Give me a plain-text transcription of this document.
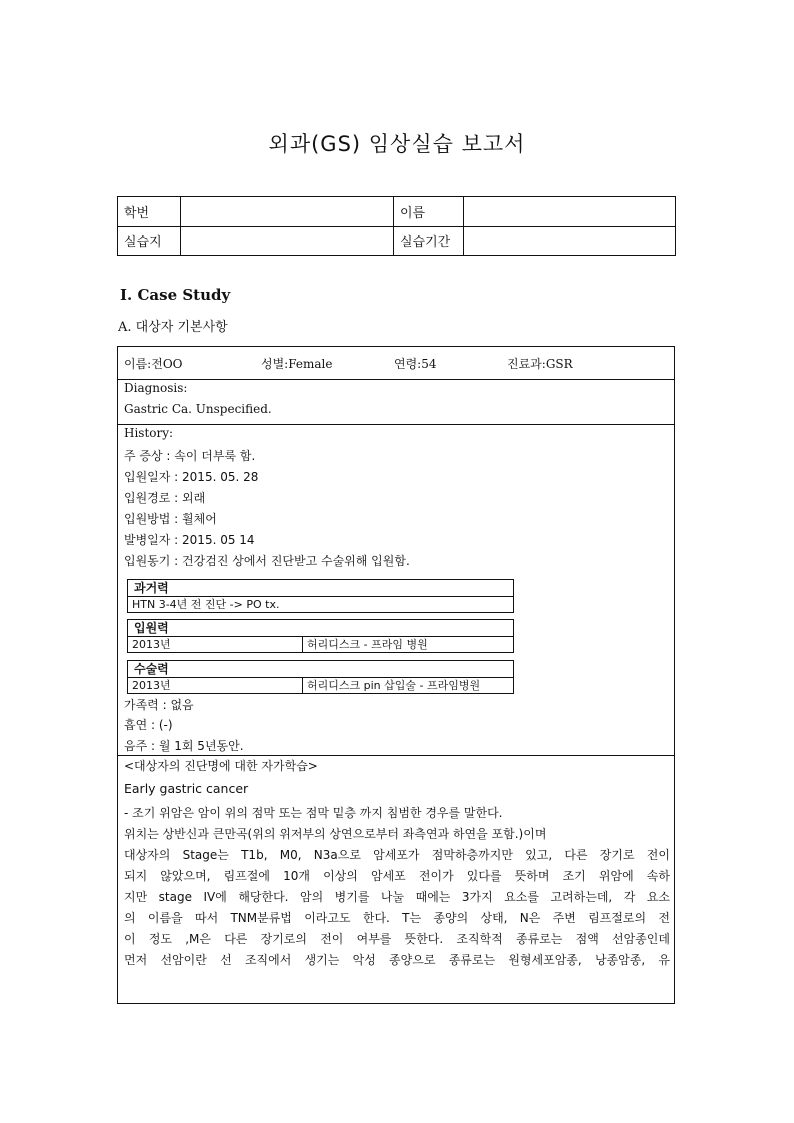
외과(GS) 임상실습 보고서
학번		이름	
실습지		실습기간	
Ⅰ. Case Study
A. 대상자 기본사항
이름:전OO	성별:Female	연령:54	진료과:GSR
Diagnosis:
Gastric Ca. Unspecified.
History:
주 증상 : 속이 더부룩 함.
입원일자 : 2015. 05. 28
입원경로 : 외래
입원방법 : 휠체어
발병일자 : 2015. 05 14
입원동기 : 건강검진 상에서 진단받고 수술위해 입원함.
과거력
HTN 3-4년 전 진단 -> PO tx.
입원력
2013년	허리디스크 - 프라임 병원
수술력
2013년	허리디스크 pin 삽입술 - 프라임병원
가족력 : 없음
흡연 : (-)
음주 : 월 1회 5년동안.
<대상자의 진단명에 대한 자가학습>
Early gastric cancer
- 조기 위암은 암이 위의 점막 또는 점막 밑층 까지 침범한 경우를 말한다.
위치는 상반신과 큰만곡(위의 위저부의 상연으로부터 좌측연과 하연을 포함.)이며
대상자의 Stage는 T1b, M0, N3a으로 암세포가 점막하층까지만 있고, 다른 장기로 전이
되지 않았으며, 림프절에 10개 이상의 암세포 전이가 있다를 뜻하며 조기 위암에 속하
지만 stage IV에 해당한다. 암의 병기를 나눌 때에는 3가지 요소를 고려하는데, 각 요소
의 이름을 따서 TNM분류법 이라고도 한다. T는 종양의 상태, N은 주변 림프절로의 전
이 정도 ,M은 다른 장기로의 전이 여부를 뜻한다. 조직학적 종류로는 점액 선암종인데
먼저 선암이란 선 조직에서 생기는 악성 종양으로 종류로는 원형세포암종, 낭종암종, 유
